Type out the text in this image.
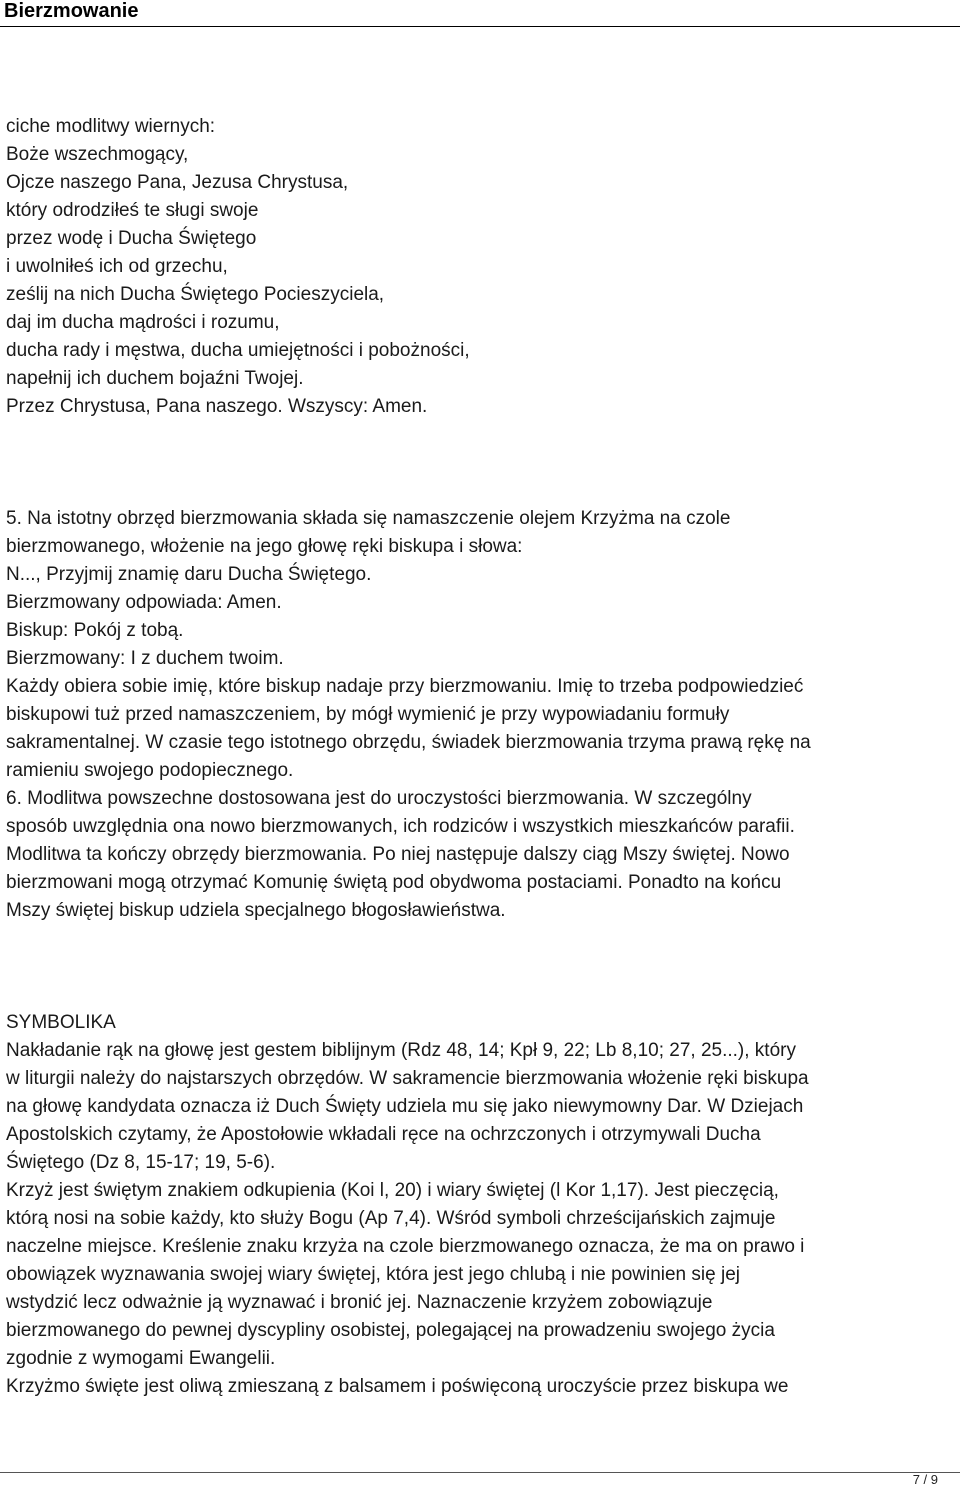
Bierzmowanie
ciche modlitwy wiernych:
Boże wszechmogący,
Ojcze naszego Pana, Jezusa Chrystusa,
który odrodziłeś te sługi swoje
przez wodę i Ducha Świętego
i uwolniłeś ich od grzechu,
ześlij na nich Ducha Świętego Pocieszyciela,
daj im ducha mądrości i rozumu,
ducha rady i męstwa, ducha umiejętności i pobożności,
napełnij ich duchem bojaźni Twojej.
Przez Chrystusa, Pana naszego. Wszyscy: Amen.
5. Na istotny obrzęd bierzmowania składa się namaszczenie olejem Krzyżma na czole
bierzmowanego, włożenie na jego głowę ręki biskupa i słowa:
N..., Przyjmij znamię daru Ducha Świętego.
Bierzmowany odpowiada: Amen.
Biskup: Pokój z tobą.
Bierzmowany: I z duchem twoim.
Każdy obiera sobie imię, które biskup nadaje przy bierzmowaniu. Imię to trzeba podpowiedzieć
biskupowi tuż przed namaszczeniem, by mógł wymienić je przy wypowiadaniu formuły
sakramentalnej. W czasie tego istotnego obrzędu, świadek bierzmowania trzyma prawą rękę na
ramieniu swojego podopiecznego.
6. Modlitwa powszechne dostosowana jest do uroczystości bierzmowania. W szczególny
sposób uwzględnia ona nowo bierzmowanych, ich rodziców i wszystkich mieszkańców parafii.
Modlitwa ta kończy obrzędy bierzmowania. Po niej następuje dalszy ciąg Mszy świętej. Nowo
bierzmowani mogą otrzymać Komunię świętą pod obydwoma postaciami. Ponadto na końcu
Mszy świętej biskup udziela specjalnego błogosławieństwa.
SYMBOLIKA
Nakładanie rąk na głowę jest gestem biblijnym (Rdz 48, 14; Kpł 9, 22; Lb 8,10; 27, 25...), który
w liturgii należy do najstarszych obrzędów. W sakramencie bierzmowania włożenie ręki biskupa
na głowę kandydata oznacza iż Duch Święty udziela mu się jako niewymowny Dar. W Dziejach
Apostolskich czytamy, że Apostołowie wkładali ręce na ochrzczonych i otrzymywali Ducha
Świętego (Dz 8, 15-17; 19, 5-6).
Krzyż jest świętym znakiem odkupienia (Koi l, 20) i wiary świętej (l Kor 1,17). Jest pieczęcią,
którą nosi na sobie każdy, kto służy Bogu (Ap 7,4). Wśród symboli chrześcijańskich zajmuje
naczelne miejsce. Kreślenie znaku krzyża na czole bierzmowanego oznacza, że ma on prawo i
obowiązek wyznawania swojej wiary świętej, która jest jego chlubą i nie powinien się jej
wstydzić lecz odważnie ją wyznawać i bronić jej. Naznaczenie krzyżem zobowiązuje
bierzmowanego do pewnej dyscypliny osobistej, polegającej na prowadzeniu swojego życia
zgodnie z wymogami Ewangelii.
Krzyżmo święte jest oliwą zmieszaną z balsamem i poświęconą uroczyście przez biskupa we
7 / 9
